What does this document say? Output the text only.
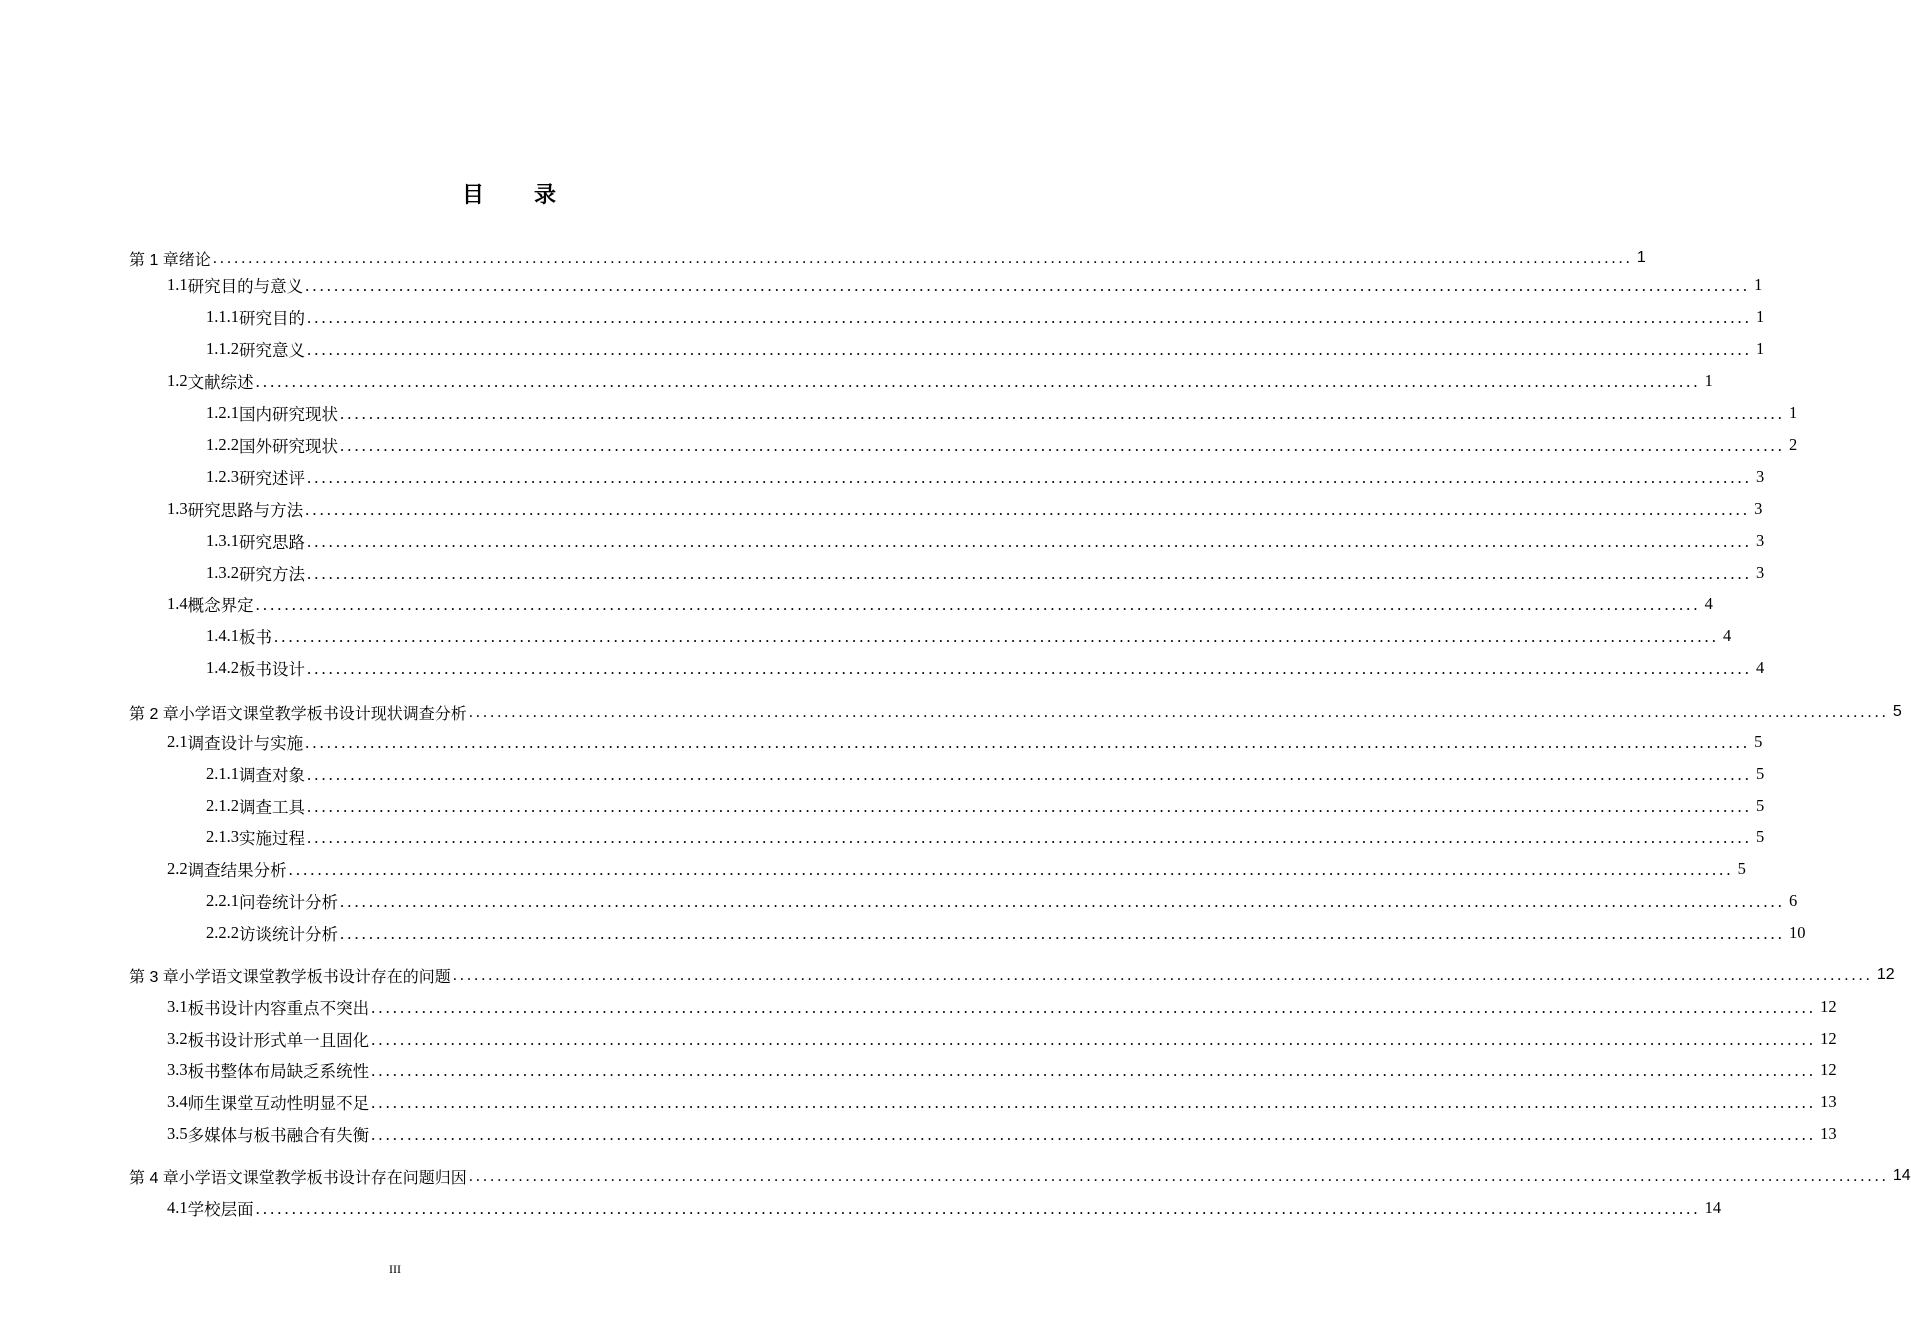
目 录
第 1 章 绪论 ........................................................................................................................................................................................................ 1
1.1 研究目的与意义 ........................................................................................................................................................................................................ 1
1.1.1 研究目的 ........................................................................................................................................................................................................ 1
1.1.2 研究意义 ........................................................................................................................................................................................................ 1
1.2 文献综述 ........................................................................................................................................................................................................ 1
1.2.1 国内研究现状 ........................................................................................................................................................................................................ 1
1.2.2 国外研究现状 ........................................................................................................................................................................................................ 2
1.2.3 研究述评 ........................................................................................................................................................................................................ 3
1.3 研究思路与方法 ........................................................................................................................................................................................................ 3
1.3.1 研究思路 ........................................................................................................................................................................................................ 3
1.3.2 研究方法 ........................................................................................................................................................................................................ 3
1.4 概念界定 ........................................................................................................................................................................................................ 4
1.4.1 板书 ........................................................................................................................................................................................................ 4
1.4.2 板书设计 ........................................................................................................................................................................................................ 4
第 2 章 小学语文课堂教学板书设计现状调查分析 ........................................................................................................................................................................................................ 5
2.1 调查设计与实施 ........................................................................................................................................................................................................ 5
2.1.1 调查对象 ........................................................................................................................................................................................................ 5
2.1.2 调查工具 ........................................................................................................................................................................................................ 5
2.1.3 实施过程 ........................................................................................................................................................................................................ 5
2.2 调查结果分析 ........................................................................................................................................................................................................ 5
2.2.1 问卷统计分析 ........................................................................................................................................................................................................ 6
2.2.2 访谈统计分析 ........................................................................................................................................................................................................ 10
第 3 章 小学语文课堂教学板书设计存在的问题 ........................................................................................................................................................................................................ 12
3.1 板书设计内容重点不突出 ........................................................................................................................................................................................................ 12
3.2 板书设计形式单一且固化 ........................................................................................................................................................................................................ 12
3.3 板书整体布局缺乏系统性 ........................................................................................................................................................................................................ 12
3.4 师生课堂互动性明显不足 ........................................................................................................................................................................................................ 13
3.5 多媒体与板书融合有失衡 ........................................................................................................................................................................................................ 13
第 4 章 小学语文课堂教学板书设计存在问题归因 ........................................................................................................................................................................................................ 14
4.1 学校层面 ........................................................................................................................................................................................................ 14
III
